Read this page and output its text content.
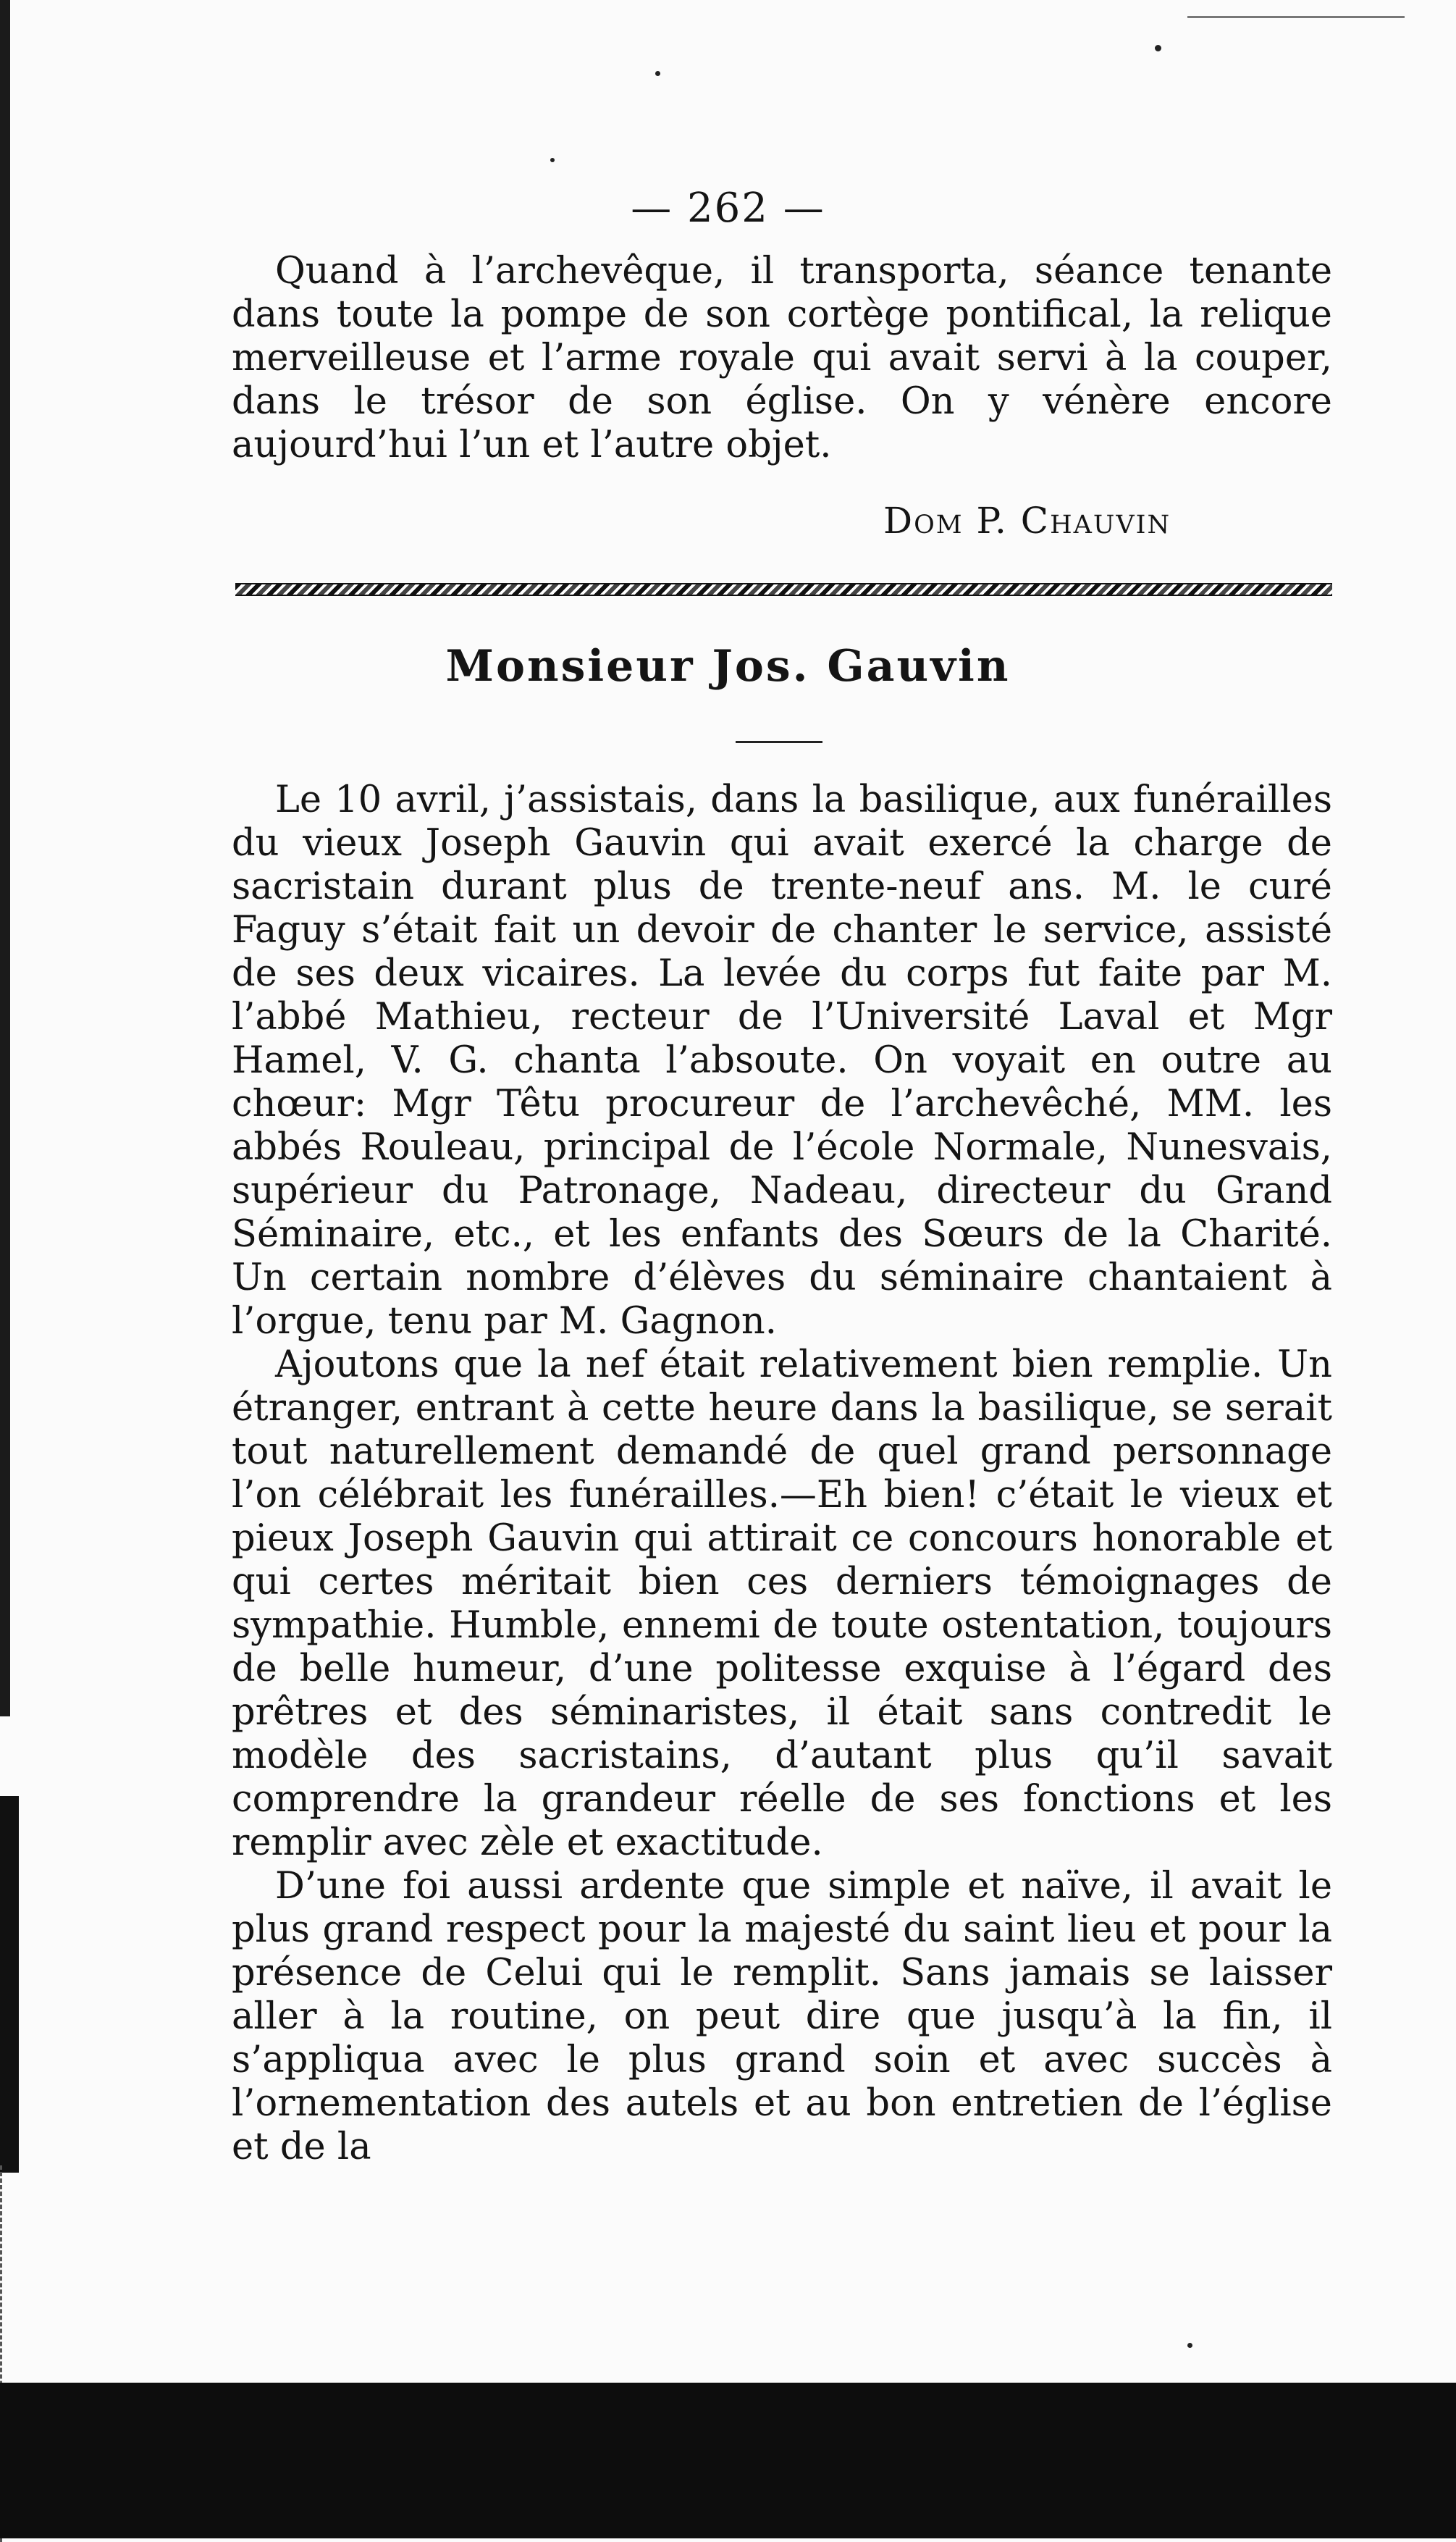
— 262 —

Quand à l’archevêque, il transporta, séance tenante dans toute la pompe de son cortège pontifical, la relique merveilleuse et l’arme royale qui avait servi à la couper, dans le trésor de son église. On y vénère encore aujourd’hui l’un et l’autre objet.

Dom P. Chauvin
Monsieur Jos. Gauvin

Le 10 avril, j’assistais, dans la basilique, aux funérailles du vieux Joseph Gauvin qui avait exercé la charge de sacristain durant plus de trente-neuf ans. M. le curé Faguy s’était fait un devoir de chanter le service, assisté de ses deux vicaires. La levée du corps fut faite par M. l’abbé Mathieu, recteur de l’Université Laval et Mgr Hamel, V. G. chanta l’absoute. On voyait en outre au chœur: Mgr Têtu procureur de l’archevêché, MM. les abbés Rouleau, principal de l’école Normale, Nunesvais, supérieur du Patronage, Nadeau, directeur du Grand Séminaire, etc., et les enfants des Sœurs de la Charité. Un certain nombre d’élèves du séminaire chantaient à l’orgue, tenu par M. Gagnon.

Ajoutons que la nef était relativement bien remplie. Un étranger, entrant à cette heure dans la basilique, se serait tout naturellement demandé de quel grand personnage l’on célébrait les funérailles.—Eh bien! c’était le vieux et pieux Joseph Gauvin qui attirait ce concours honorable et qui certes méritait bien ces derniers témoignages de sympathie. Humble, ennemi de toute ostentation, toujours de belle humeur, d’une politesse exquise à l’égard des prêtres et des séminaristes, il était sans contredit le modèle des sacristains, d’autant plus qu’il savait comprendre la grandeur réelle de ses fonctions et les remplir avec zèle et exactitude.

D’une foi aussi ardente que simple et naïve, il avait le plus grand respect pour la majesté du saint lieu et pour la présence de Celui qui le remplit. Sans jamais se laisser aller à la routine, on peut dire que jusqu’à la fin, il s’appliqua avec le plus grand soin et avec succès à l’ornementation des autels et au bon entretien de l’église et de la
